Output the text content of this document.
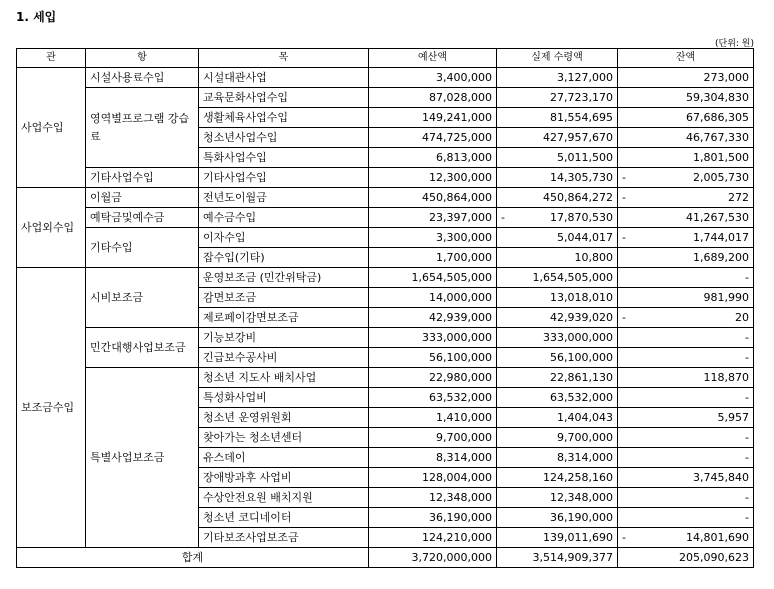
1. 세입
(단위: 원)
관	항	목	예산액	실제 수령액	잔액
사업수입	시설사용료수입	시설대관사업	3,400,000	3,127,000	273,000
	영역별프로그램 강습료	교육문화사업수입	87,028,000	27,723,170	59,304,830
		생활체육사업수입	149,241,000	81,554,695	67,686,305
		청소년사업수입	474,725,000	427,957,670	46,767,330
		특화사업수입	6,813,000	5,011,500	1,801,500
	기타사업수입	기타사업수입	12,300,000	14,305,730	- 2,005,730
사업외수입	이월금	전년도이월금	450,864,000	450,864,272	- 272
	예탁금및예수금	예수금수입	23,397,000	- 17,870,530	41,267,530
	기타수입	이자수입	3,300,000	5,044,017	- 1,744,017
		잡수입(기타)	1,700,000	10,800	1,689,200
보조금수입	시비보조금	운영보조금 (민간위탁금)	1,654,505,000	1,654,505,000	-
		감면보조금	14,000,000	13,018,010	981,990
		제로페이감면보조금	42,939,000	42,939,020	- 20
	민간대행사업보조금	기능보강비	333,000,000	333,000,000	-
		긴급보수공사비	56,100,000	56,100,000	-
	특별사업보조금	청소년 지도사 배치사업	22,980,000	22,861,130	118,870
		특성화사업비	63,532,000	63,532,000	-
		청소년 운영위원회	1,410,000	1,404,043	5,957
		찾아가는 청소년센터	9,700,000	9,700,000	-
		유스데이	8,314,000	8,314,000	-
		장애방과후 사업비	128,004,000	124,258,160	3,745,840
		수상안전요원 배치지원	12,348,000	12,348,000	-
		청소년 코디네이터	36,190,000	36,190,000	-
		기타보조사업보조금	124,210,000	139,011,690	- 14,801,690
합계			3,720,000,000	3,514,909,377	205,090,623
